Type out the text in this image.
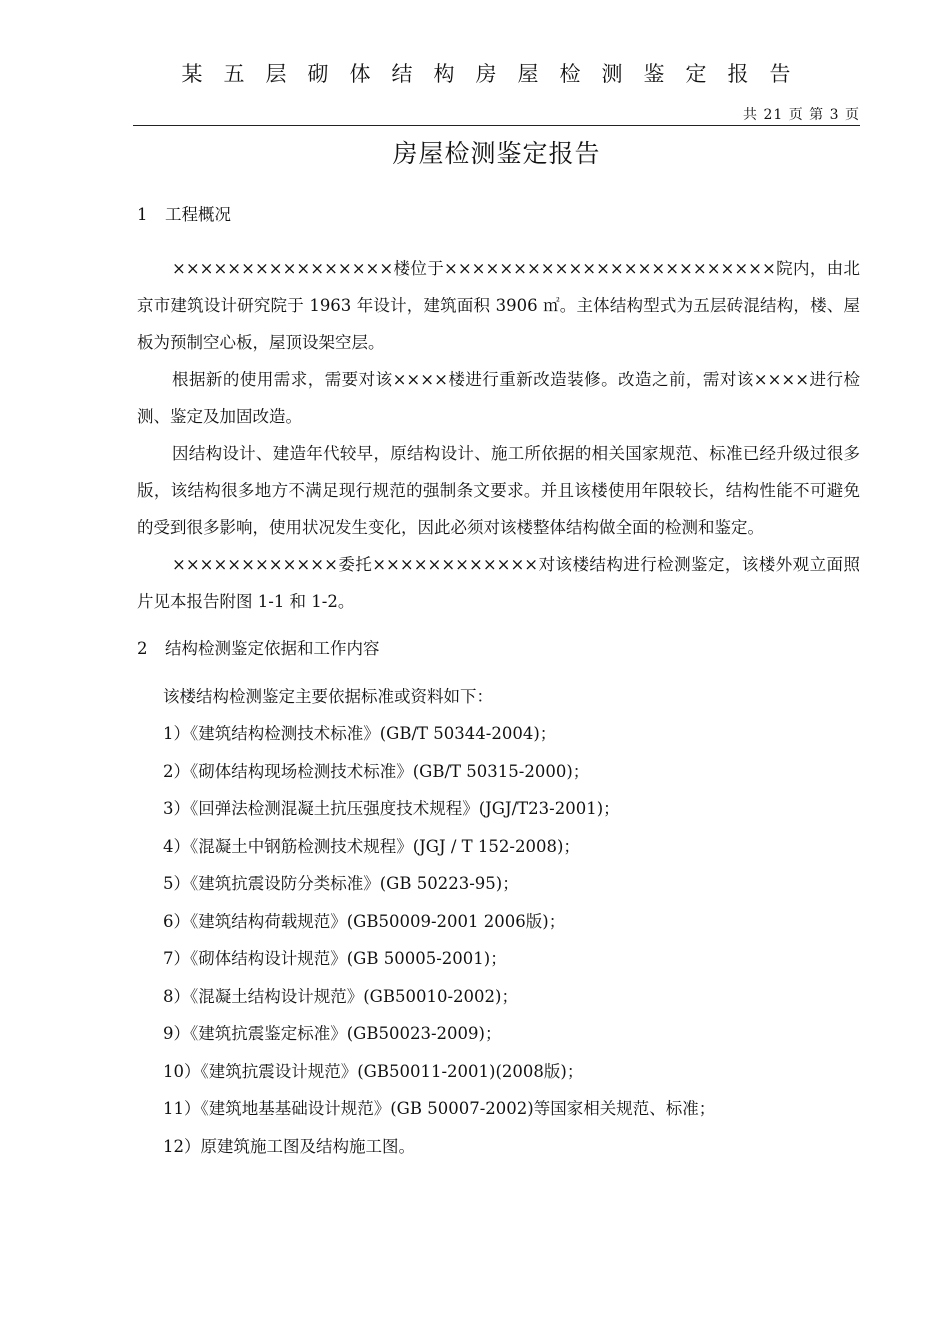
某五层砌体结构房屋检测鉴定报告
共 21 页 第 3 页
房屋检测鉴定报告
1 工程概况

××××××××××××××××楼位于××××××××××××××××××××××××院内，由北京市建筑设计研究院于 1963 年设计，建筑面积 3906 ㎡。主体结构型式为五层砖混结构，楼、屋板为预制空心板，屋顶设架空层。

根据新的使用需求，需要对该××××楼进行重新改造装修。改造之前，需对该××××进行检测、鉴定及加固改造。

因结构设计、建造年代较早，原结构设计、施工所依据的相关国家规范、标准已经升级过很多版，该结构很多地方不满足现行规范的强制条文要求。并且该楼使用年限较长，结构性能不可避免的受到很多影响，使用状况发生变化，因此必须对该楼整体结构做全面的检测和鉴定。

××××××××××××委托××××××××××××对该楼结构进行检测鉴定，该楼外观立面照片见本报告附图 1-1 和 1-2。

2 结构检测鉴定依据和工作内容

该楼结构检测鉴定主要依据标准或资料如下：

1）《建筑结构检测技术标准》(GB/T 50344-2004)；
2）《砌体结构现场检测技术标准》(GB/T 50315-2000)；
3）《回弹法检测混凝土抗压强度技术规程》(JGJ/T23-2001)；
4）《混凝土中钢筋检测技术规程》(JGJ / T 152-2008)；
5）《建筑抗震设防分类标准》(GB 50223-95)；
6）《建筑结构荷载规范》(GB50009-2001 2006版)；
7）《砌体结构设计规范》(GB 50005-2001)；
8）《混凝土结构设计规范》(GB50010-2002)；
9）《建筑抗震鉴定标准》(GB50023-2009)；
10）《建筑抗震设计规范》(GB50011-2001)(2008版)；
11）《建筑地基基础设计规范》(GB 50007-2002)等国家相关规范、标准；
12）原建筑施工图及结构施工图。
